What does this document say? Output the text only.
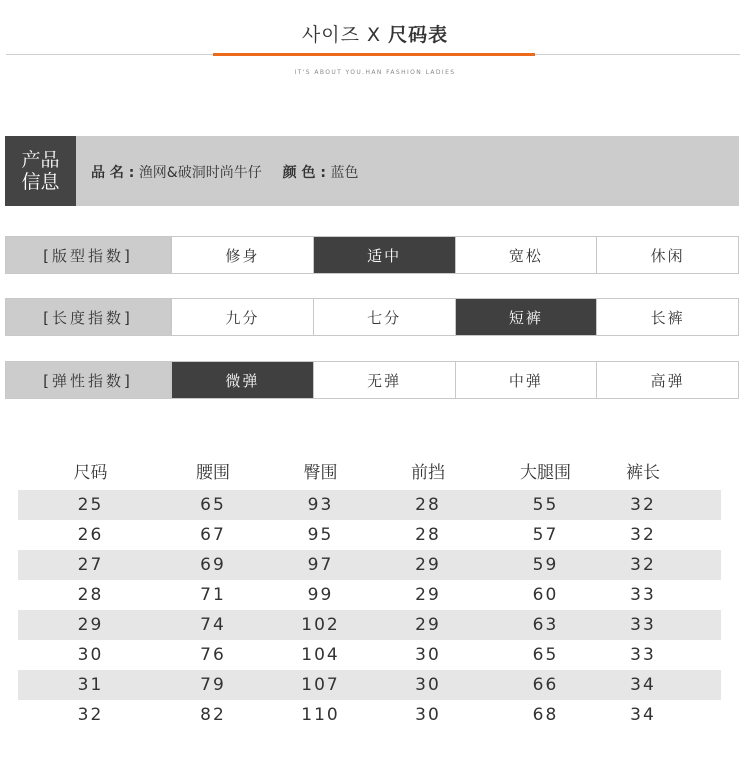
사이즈 X 尺码表
IT'S ABOUT YOU.HAN FASHION LADIES
产品
信息 品 名 : 渔网&破洞时尚牛仔 颜 色 : 蓝色
[版型指数]	修身	适中	宽松	休闲
[长度指数]	九分	七分	短裤	长裤
[弹性指数]	微弹	无弹	中弹	高弹
尺码	腰围	臀围	前挡	大腿围	裤长
25	65	93	28	55	32
26	67	95	28	57	32
27	69	97	29	59	32
28	71	99	29	60	33
29	74	102	29	63	33
30	76	104	30	65	33
31	79	107	30	66	34
32	82	110	30	68	34
